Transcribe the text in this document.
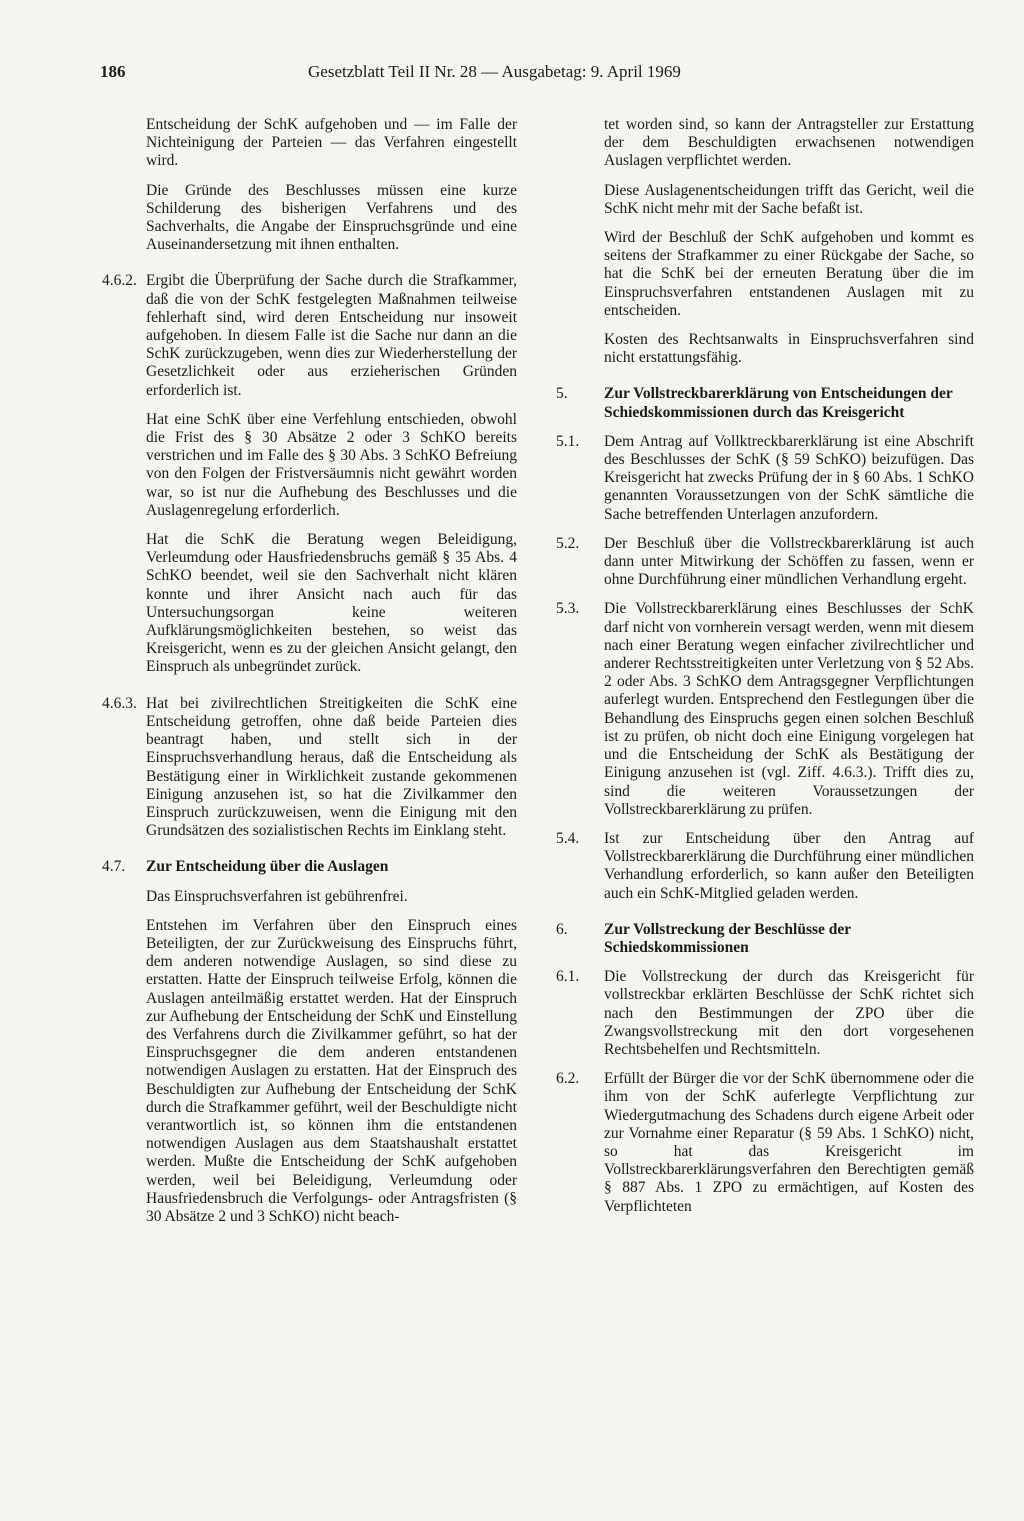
186	Gesetzblatt Teil II Nr. 28 — Ausgabetag: 9. April 1969

Entscheidung der SchK aufgehoben und — im Falle der Nichteinigung der Parteien — das Verfahren eingestellt wird.

Die Gründe des Beschlusses müssen eine kurze Schilderung des bisherigen Verfahrens und des Sachverhalts, die Angabe der Einspruchsgründe und eine Auseinandersetzung mit ihnen enthalten.

4.6.2. Ergibt die Überprüfung der Sache durch die Strafkammer, daß die von der SchK festgelegten Maßnahmen teilweise fehlerhaft sind, wird deren Entscheidung nur insoweit aufgehoben. In diesem Falle ist die Sache nur dann an die SchK zurückzugeben, wenn dies zur Wiederherstellung der Gesetzlichkeit oder aus erzieherischen Gründen erforderlich ist.

Hat eine SchK über eine Verfehlung entschieden, obwohl die Frist des § 30 Absätze 2 oder 3 SchKO bereits verstrichen und im Falle des § 30 Abs. 3 SchKO Befreiung von den Folgen der Fristversäumnis nicht gewährt worden war, so ist nur die Aufhebung des Beschlusses und die Auslagenregelung erforderlich.

Hat die SchK die Beratung wegen Beleidigung, Verleumdung oder Hausfriedensbruchs gemäß § 35 Abs. 4 SchKO beendet, weil sie den Sachverhalt nicht klären konnte und ihrer Ansicht nach auch für das Untersuchungsorgan keine weiteren Aufklärungsmöglichkeiten bestehen, so weist das Kreisgericht, wenn es zu der gleichen Ansicht gelangt, den Einspruch als unbegründet zurück.

4.6.3. Hat bei zivilrechtlichen Streitigkeiten die SchK eine Entscheidung getroffen, ohne daß beide Parteien dies beantragt haben, und stellt sich in der Einspruchsverhandlung heraus, daß die Entscheidung als Bestätigung einer in Wirklichkeit zustande gekommenen Einigung anzusehen ist, so hat die Zivilkammer den Einspruch zurückzuweisen, wenn die Einigung mit den Grundsätzen des sozialistischen Rechts im Einklang steht.

4.7.	Zur Entscheidung über die Auslagen

Das Einspruchsverfahren ist gebührenfrei.

Entstehen im Verfahren über den Einspruch eines Beteiligten, der zur Zurückweisung des Einspruchs führt, dem anderen notwendige Auslagen, so sind diese zu erstatten. Hatte der Einspruch teilweise Erfolg, können die Auslagen anteilmäßig erstattet werden. Hat der Einspruch zur Aufhebung der Entscheidung der SchK und Einstellung des Verfahrens durch die Zivilkammer geführt, so hat der Einspruchsgegner die dem anderen entstandenen notwendigen Auslagen zu erstatten. Hat der Einspruch des Beschuldigten zur Aufhebung der Entscheidung der SchK durch die Strafkammer geführt, weil der Beschuldigte nicht verantwortlich ist, so können ihm die entstandenen notwendigen Auslagen aus dem Staatshaushalt erstattet werden. Mußte die Entscheidung der SchK aufgehoben werden, weil bei Beleidigung, Verleumdung oder Hausfriedensbruch die Verfolgungs- oder Antragsfristen (§ 30 Absätze 2 und 3 SchKO) nicht beach-

tet worden sind, so kann der Antragsteller zur Erstattung der dem Beschuldigten erwachsenen notwendigen Auslagen verpflichtet werden.

Diese Auslagenentscheidungen trifft das Gericht, weil die SchK nicht mehr mit der Sache befaßt ist.

Wird der Beschluß der SchK aufgehoben und kommt es seitens der Strafkammer zu einer Rückgabe der Sache, so hat die SchK bei der erneuten Beratung über die im Einspruchsverfahren entstandenen Auslagen mit zu entscheiden.

Kosten des Rechtsanwalts in Einspruchsverfahren sind nicht erstattungsfähig.

5.	Zur Vollstreckbarerklärung von Entscheidungen der Schiedskommissionen durch das Kreisgericht

5.1.	Dem Antrag auf Vollktreckbarerklärung ist eine Abschrift des Beschlusses der SchK (§ 59 SchKO) beizufügen. Das Kreisgericht hat zwecks Prüfung der in § 60 Abs. 1 SchKO genannten Voraussetzungen von der SchK sämtliche die Sache betreffenden Unterlagen anzufordern.

5.2.	Der Beschluß über die Vollstreckbarerklärung ist auch dann unter Mitwirkung der Schöffen zu fassen, wenn er ohne Durchführung einer mündlichen Verhandlung ergeht.

5.3.	Die Vollstreckbarerklärung eines Beschlusses der SchK darf nicht von vornherein versagt werden, wenn mit diesem nach einer Beratung wegen einfacher zivilrechtlicher und anderer Rechtsstreitigkeiten unter Verletzung von § 52 Abs. 2 oder Abs. 3 SchKO dem Antragsgegner Verpflichtungen auferlegt wurden. Entsprechend den Festlegungen über die Behandlung des Einspruchs gegen einen solchen Beschluß ist zu prüfen, ob nicht doch eine Einigung vorgelegen hat und die Entscheidung der SchK als Bestätigung der Einigung anzusehen ist (vgl. Ziff. 4.6.3.). Trifft dies zu, sind die weiteren Voraussetzungen der Vollstreckbarerklärung zu prüfen.

5.4.	Ist zur Entscheidung über den Antrag auf Vollstreckbarerklärung die Durchführung einer mündlichen Verhandlung erforderlich, so kann außer den Beteiligten auch ein SchK-Mitglied geladen werden.

6.	Zur Vollstreckung der Beschlüsse der Schiedskommissionen

6.1.	Die Vollstreckung der durch das Kreisgericht für vollstreckbar erklärten Beschlüsse der SchK richtet sich nach den Bestimmungen der ZPO über die Zwangsvollstreckung mit den dort vorgesehenen Rechtsbehelfen und Rechtsmitteln.

6.2.	Erfüllt der Bürger die vor der SchK übernommene oder die ihm von der SchK auferlegte Verpflichtung zur Wiedergutmachung des Schadens durch eigene Arbeit oder zur Vornahme einer Reparatur (§ 59 Abs. 1 SchKO) nicht, so hat das Kreisgericht im Vollstreckbarerklärungsverfahren den Berechtigten gemäß § 887 Abs. 1 ZPO zu ermächtigen, auf Kosten des Verpflichteten
